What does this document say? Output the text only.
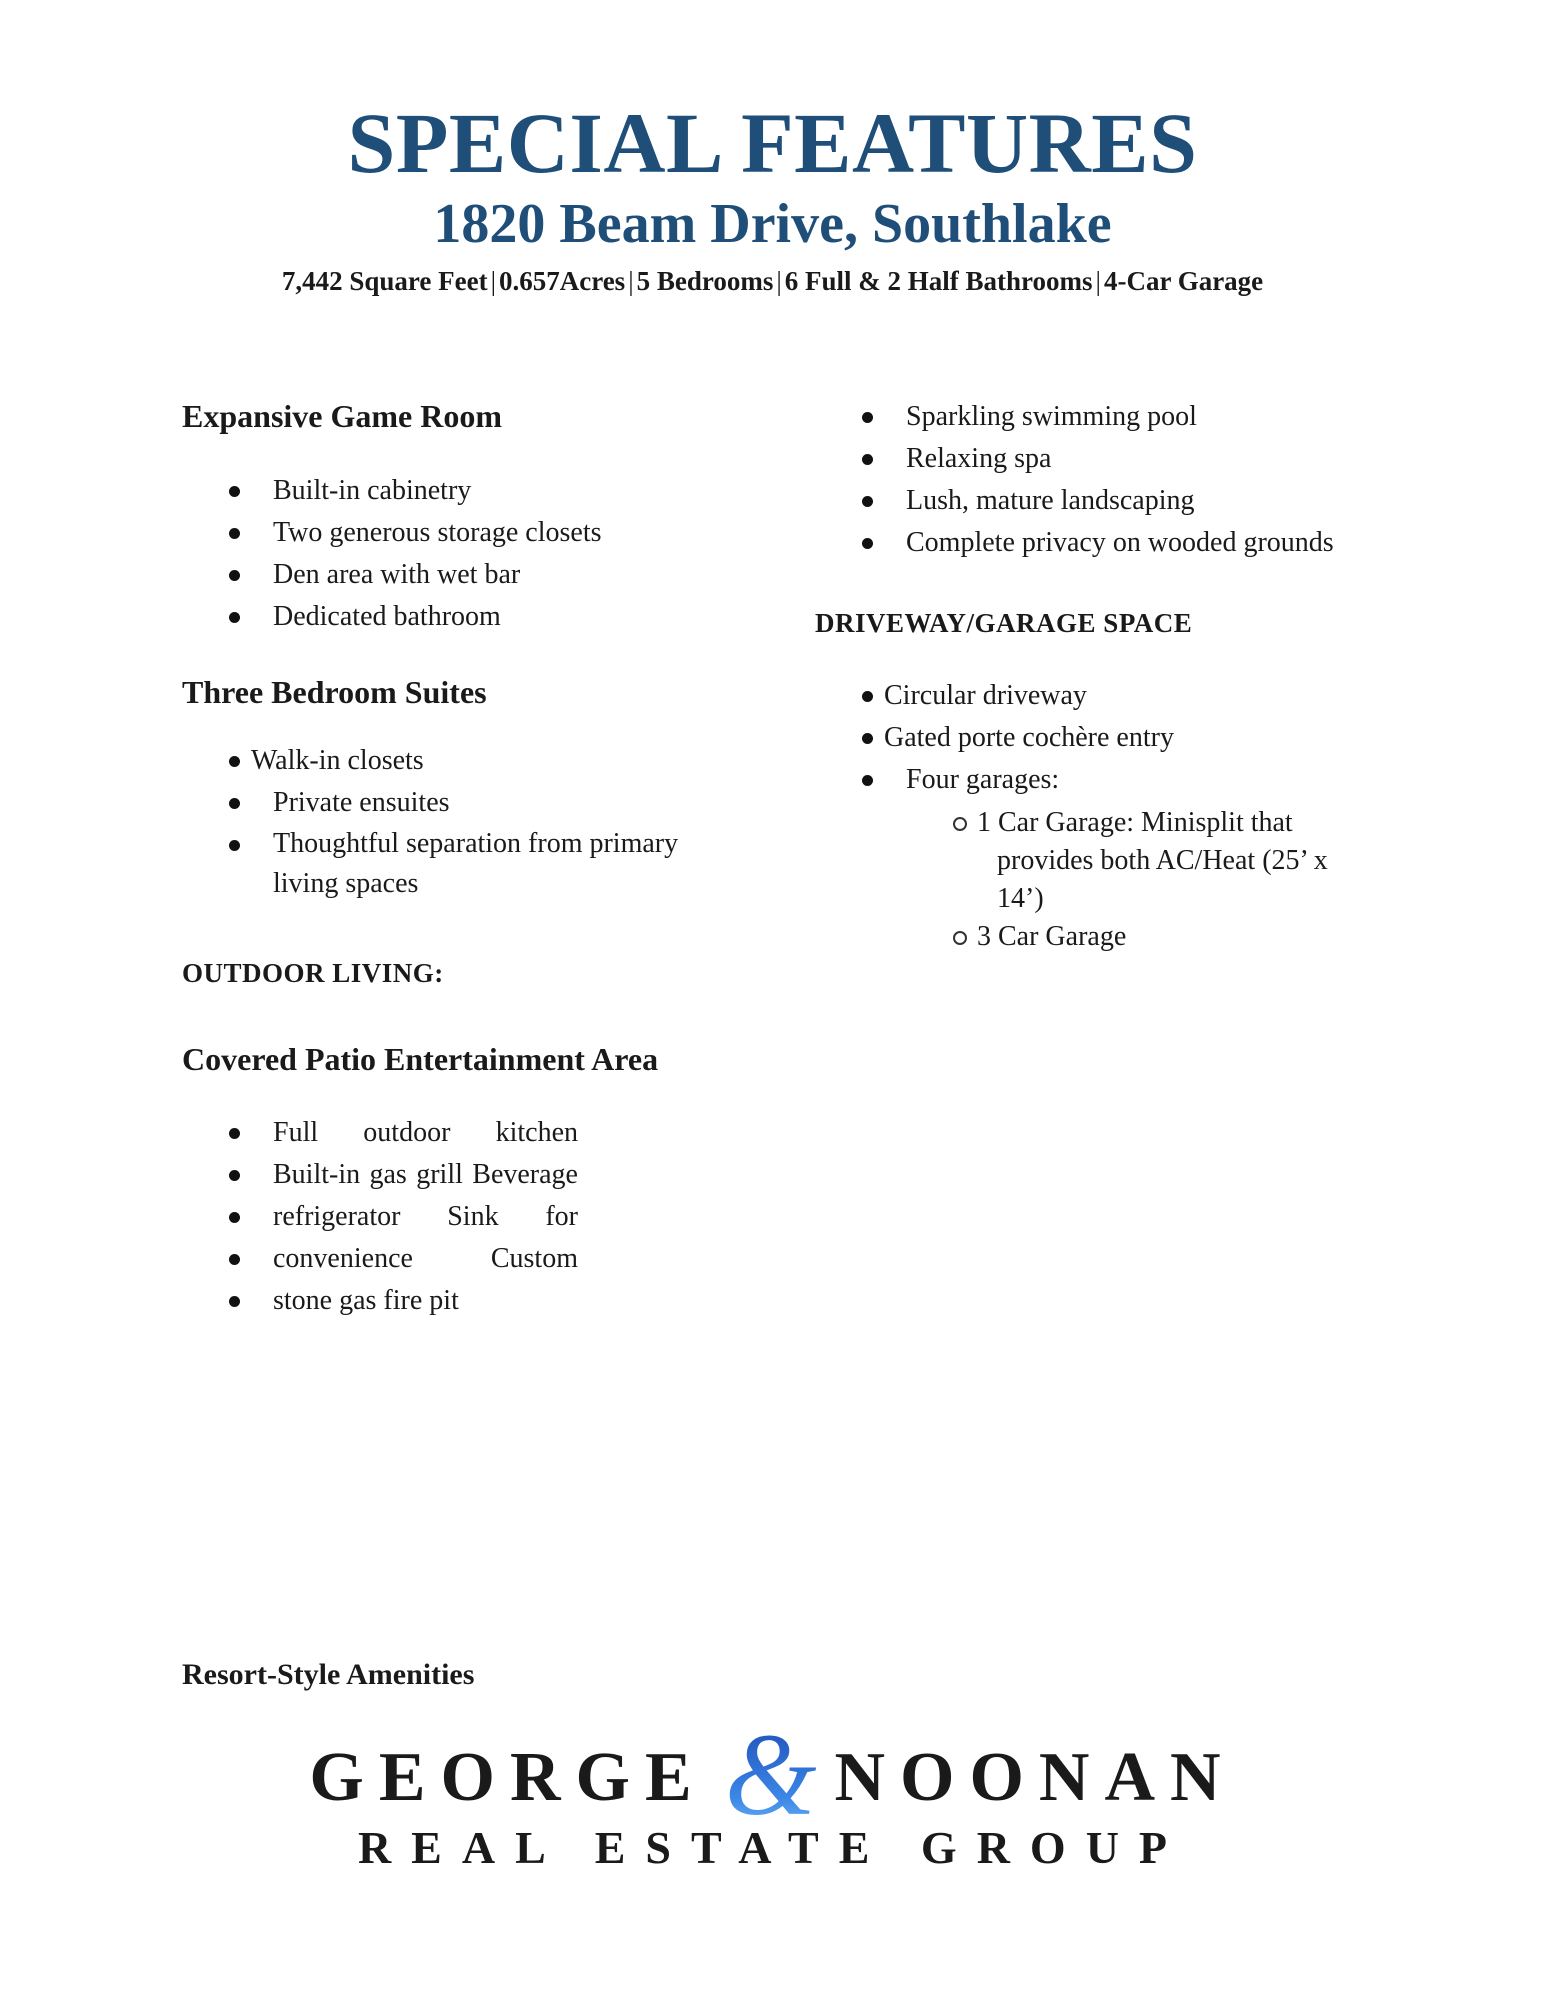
SPECIAL FEATURES
1820 Beam Drive, Southlake
7,442 Square Feet | 0.657Acres | 5 Bedrooms | 6 Full & 2 Half Bathrooms | 4-Car Garage
Expansive Game Room
Built-in cabinetry
Two generous storage closets
Den area with wet bar
Dedicated bathroom
Three Bedroom Suites
Walk-in closets
Private ensuites
Thoughtful separation from primary living spaces
OUTDOOR LIVING:
Covered Patio Entertainment Area
Full outdoor kitchen
Built-in gas grill Beverage
refrigerator Sink for
convenience Custom
stone gas fire pit
Sparkling swimming pool
Relaxing spa
Lush, mature landscaping
Complete privacy on wooded grounds
DRIVEWAY/GARAGE SPACE
Circular driveway
Gated porte cochère entry
Four garages:
1 Car Garage: Minisplit that provides both AC/Heat (25’ x 14’)
3 Car Garage
Resort-Style Amenities
GEORGE & NOONAN
REAL ESTATE GROUP
